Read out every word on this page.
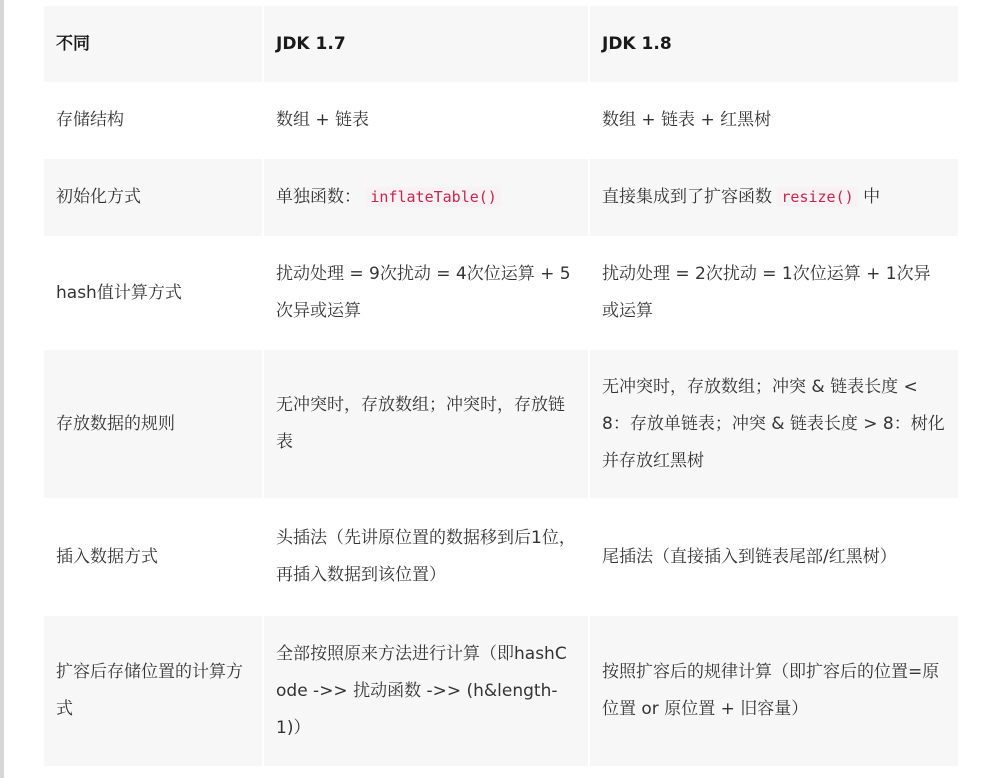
不同	JDK 1.7	JDK 1.8
存储结构	数组 + 链表	数组 + 链表 + 红黑树
初始化方式	单独函数： inflateTable()	直接集成到了扩容函数 resize() 中
hash值计算方式	扰动处理 = 9次扰动 = 4次位运算 + 5次异或运算	扰动处理 = 2次扰动 = 1次位运算 + 1次异或运算
存放数据的规则	无冲突时，存放数组；冲突时，存放链表	无冲突时，存放数组；冲突 & 链表长度 < 8：存放单链表；冲突 & 链表长度 > 8：树化并存放红黑树
插入数据方式	头插法（先讲原位置的数据移到后1位，再插入数据到该位置）	尾插法（直接插入到链表尾部/红黑树）
扩容后存储位置的计算方式	全部按照原来方法进行计算（即hashCode ->> 扰动函数 ->> (h&length-1)）	按照扩容后的规律计算（即扩容后的位置=原位置 or 原位置 + 旧容量）
